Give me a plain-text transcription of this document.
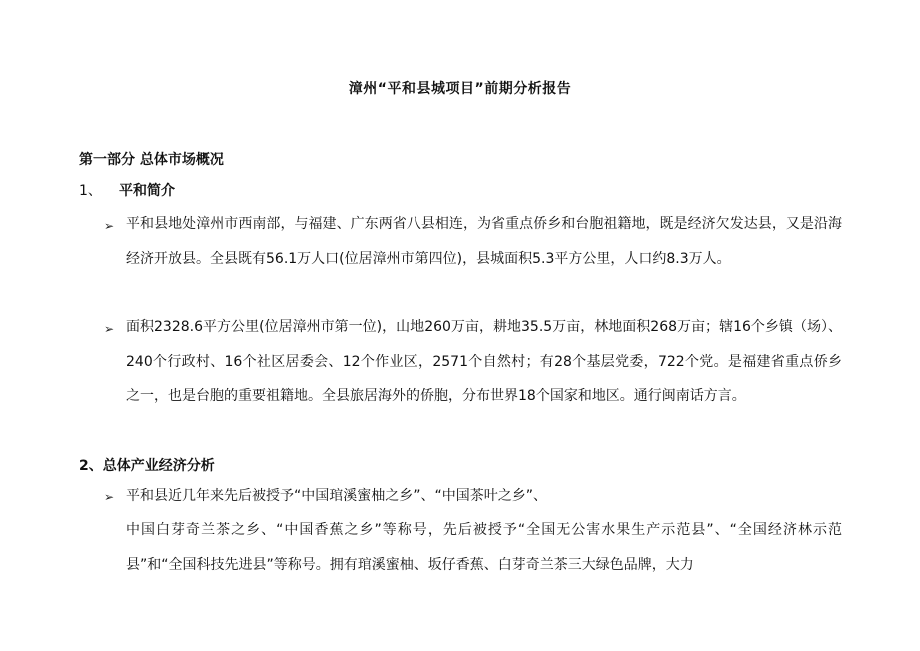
漳州“平和县城项目”前期分析报告
第一部分 总体市场概况
1、 平和简介
➢ 平和县地处漳州市西南部，与福建、广东两省八县相连，为省重点侨乡和台胞祖籍地，既是经济欠发达县，又是沿海经济开放县。全县既有56.1万人口(位居漳州市第四位)，县城面积5.3平方公里，人口约8.3万人。
➢ 面积2328.6平方公里(位居漳州市第一位)，山地260万亩，耕地35.5万亩，林地面积268万亩；辖16个乡镇（场）、240个行政村、16个社区居委会、12个作业区，2571个自然村；有28个基层党委，722个党。是福建省重点侨乡之一，也是台胞的重要祖籍地。全县旅居海外的侨胞，分布世界18个国家和地区。通行闽南话方言。
2、总体产业经济分析
➢ 平和县近几年来先后被授予“中国琯溪蜜柚之乡”、“中国茶叶之乡”、
中国白芽奇兰茶之乡、“中国香蕉之乡”等称号，先后被授予“全国无公害水果生产示范县”、“全国经济林示范县”和“全国科技先进县”等称号。拥有琯溪蜜柚、坂仔香蕉、白芽奇兰茶三大绿色品牌，大力
